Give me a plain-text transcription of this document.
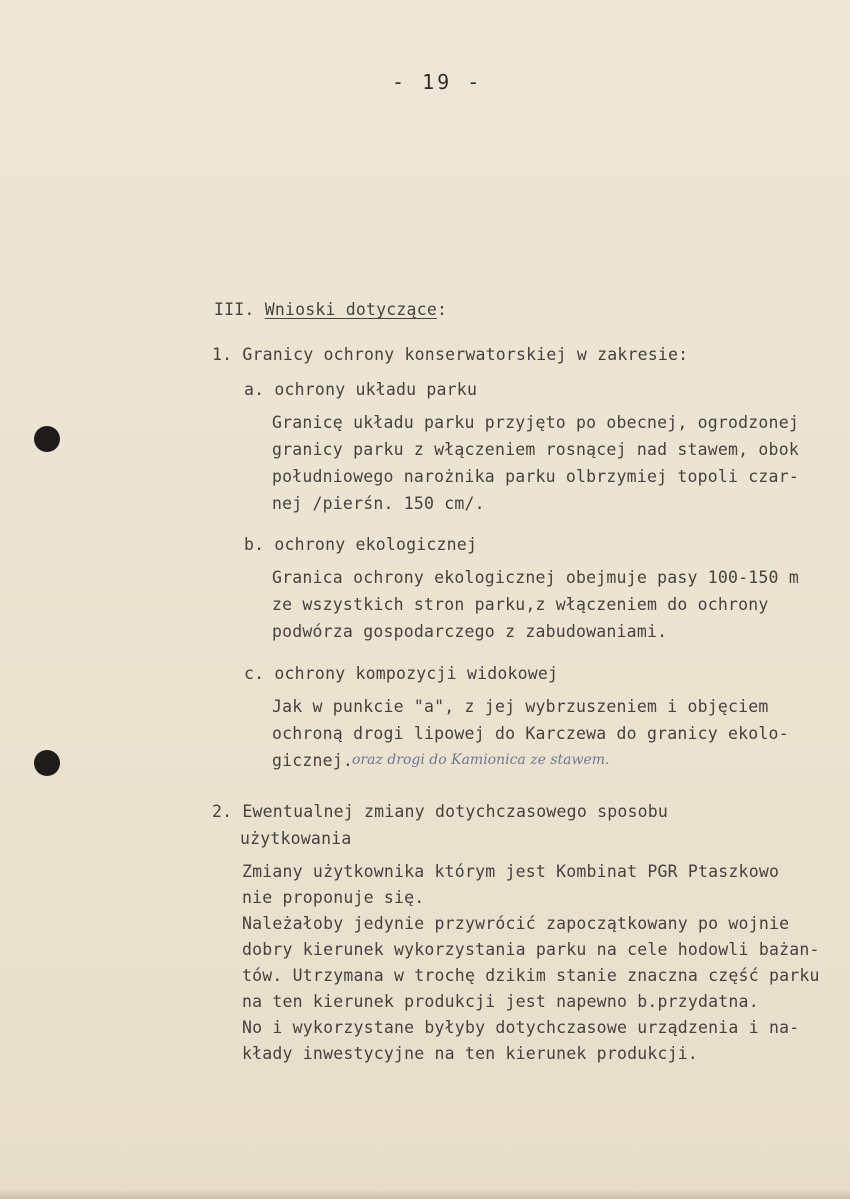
- 19 -
III. Wnioski dotyczące:
1. Granicy ochrony konserwatorskiej w zakresie:
a. ochrony układu parku
Granicę układu parku przyjęto po obecnej, ogrodzonej
granicy parku z włączeniem rosnącej nad stawem, obok
południowego narożnika parku olbrzymiej topoli czar-
nej /pierśn. 150 cm/.
b. ochrony ekologicznej
Granica ochrony ekologicznej obejmuje pasy 100-150 m
ze wszystkich stron parku,z włączeniem do ochrony
podwórza gospodarczego z zabudowaniami.
c. ochrony kompozycji widokowej
Jak w punkcie "a", z jej wybrzuszeniem i objęciem
ochroną drogi lipowej do Karczewa do granicy ekolo-
gicznej.
oraz drogi do Kamionica ze stawem.
2. Ewentualnej zmiany dotychczasowego sposobu
użytkowania
Zmiany użytkownika którym jest Kombinat PGR Ptaszkowo
nie proponuje się.
Należałoby jedynie przywrócić zapoczątkowany po wojnie
dobry kierunek wykorzystania parku na cele hodowli bażan-
tów. Utrzymana w trochę dzikim stanie znaczna część parku
na ten kierunek produkcji jest napewno b.przydatna.
No i wykorzystane byłyby dotychczasowe urządzenia i na-
kłady inwestycyjne na ten kierunek produkcji.
